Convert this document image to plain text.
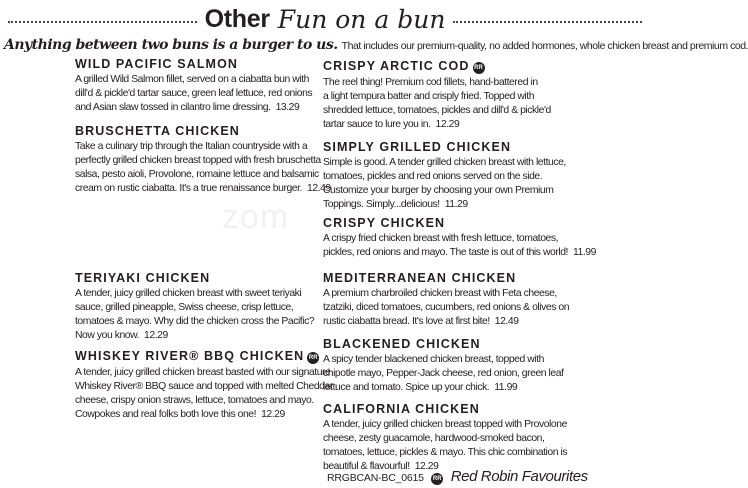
Other Fun on a bun
Anything between two buns is a burger to us. That includes our premium-quality, no added hormones, whole chicken breast and premium cod.
zom
WILD PACIFIC SALMON
A grilled Wild Salmon fillet, served on a ciabatta bun with
dill'd & pickle'd tartar sauce, green leaf lettuce, red onions
and Asian slaw tossed in cilantro lime dressing. 13.29
BRUSCHETTA CHICKEN
Take a culinary trip through the Italian countryside with a
perfectly grilled chicken breast topped with fresh bruschetta
salsa, pesto aioli, Provolone, romaine lettuce and balsamic
cream on rustic ciabatta. It's a true renaissance burger. 12.49
TERIYAKI CHICKEN
A tender, juicy grilled chicken breast with sweet teriyaki
sauce, grilled pineapple, Swiss cheese, crisp lettuce,
tomatoes & mayo. Why did the chicken cross the Pacific?
Now you know. 12.29
WHISKEY RIVER® BBQ CHICKEN RR
A tender, juicy grilled chicken breast basted with our signature
Whiskey River® BBQ sauce and topped with melted Cheddar
cheese, crispy onion straws, lettuce, tomatoes and mayo.
Cowpokes and real folks both love this one! 12.29
CRISPY ARCTIC COD RR
The reel thing! Premium cod fillets, hand-battered in
a light tempura batter and crisply fried. Topped with
shredded lettuce, tomatoes, pickles and dill'd & pickle'd
tartar sauce to lure you in. 12.29
SIMPLY GRILLED CHICKEN
Simple is good. A tender grilled chicken breast with lettuce,
tomatoes, pickles and red onions served on the side.
Customize your burger by choosing your own Premium
Toppings. Simply...delicious! 11.29
CRISPY CHICKEN
A crispy fried chicken breast with fresh lettuce, tomatoes,
pickles, red onions and mayo. The taste is out of this world! 11.99
MEDITERRANEAN CHICKEN
A premium charbroiled chicken breast with Feta cheese,
tzatziki, diced tomatoes, cucumbers, red onions & olives on
rustic ciabatta bread. It's love at first bite! 12.49
BLACKENED CHICKEN
A spicy tender blackened chicken breast, topped with
chipotle mayo, Pepper-Jack cheese, red onion, green leaf
lettuce and tomato. Spice up your chick. 11.99
CALIFORNIA CHICKEN
A tender, juicy grilled chicken breast topped with Provolone
cheese, zesty guacamole, hardwood-smoked bacon,
tomatoes, lettuce, pickles & mayo. This chic combination is
beautiful & flavourful! 12.29
RRGBCAN-BC_0615 RR Red Robin Favourites
